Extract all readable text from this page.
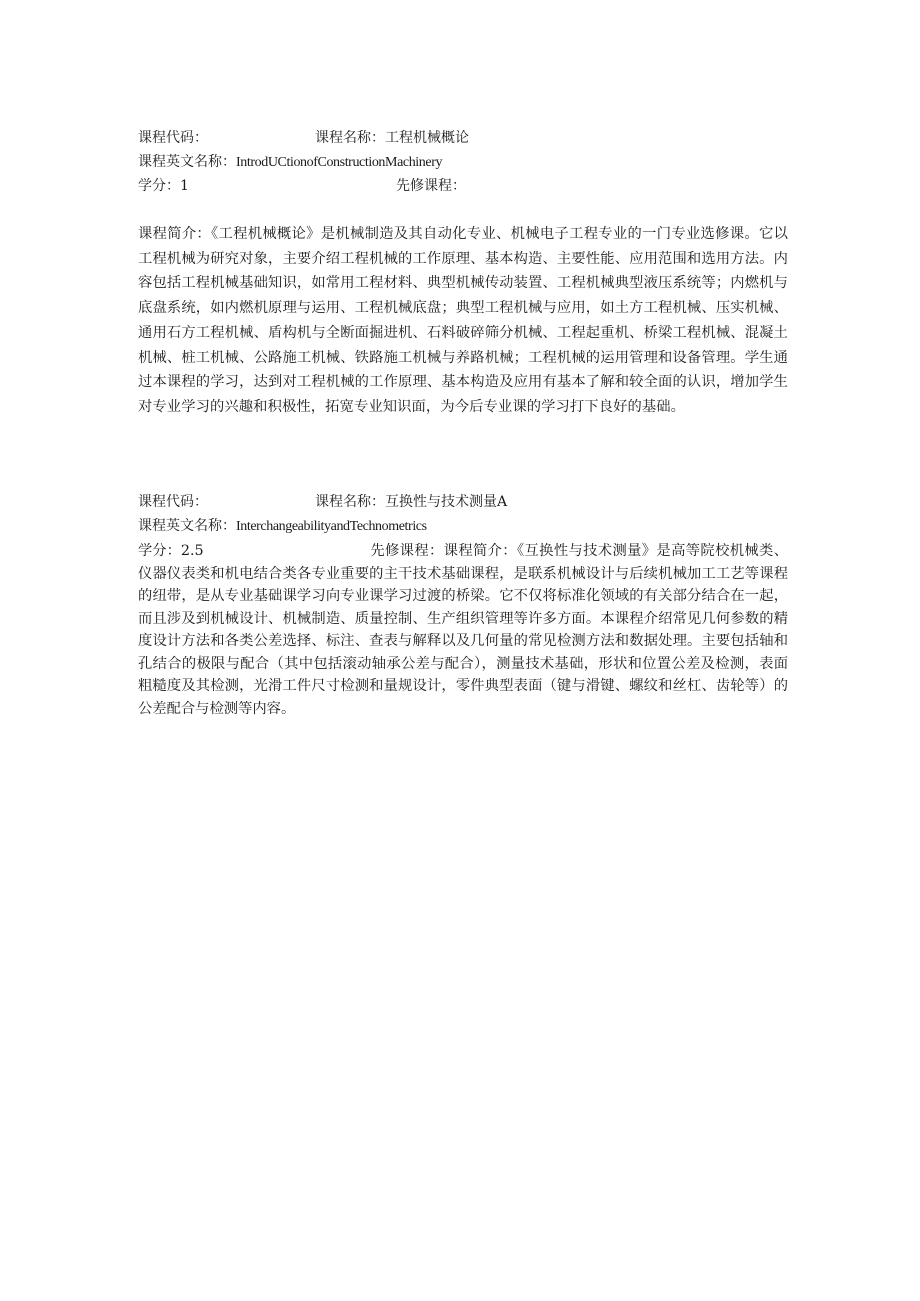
课程代码：	课程名称：工程机械概论
课程英文名称：IntrodUCtionofConstructionMachinery
学分：1	先修课程：
课程简介：《工程机械概论》是机械制造及其自动化专业、机械电子工程专业的一门专业选修课。它以工程机械为研究对象，主要介绍工程机械的工作原理、基本构造、主要性能、应用范围和选用方法。内容包括工程机械基础知识，如常用工程材料、典型机械传动装置、工程机械典型液压系统等；内燃机与底盘系统，如内燃机原理与运用、工程机械底盘；典型工程机械与应用，如土方工程机械、压实机械、通用石方工程机械、盾构机与全断面掘进机、石料破碎筛分机械、工程起重机、桥梁工程机械、混凝土机械、桩工机械、公路施工机械、铁路施工机械与养路机械；工程机械的运用管理和设备管理。学生通过本课程的学习，达到对工程机械的工作原理、基本构造及应用有基本了解和较全面的认识，增加学生对专业学习的兴趣和积极性，拓宽专业知识面，为今后专业课的学习打下良好的基础。
课程代码：	课程名称：互换性与技术测量A
课程英文名称：InterchangeabilityandTechnometrics

学分：2.5	先修课程：课程简介：《互换性与技术测量》是高等院校机械类、仪器仪表类和机电结合类各专业重要的主干技术基础课程，是联系机械设计与后续机械加工工艺等课程的纽带，是从专业基础课学习向专业课学习过渡的桥梁。它不仅将标准化领域的有关部分结合在一起，而且涉及到机械设计、机械制造、质量控制、生产组织管理等许多方面。本课程介绍常见几何参数的精度设计方法和各类公差选择、标注、查表与解释以及几何量的常见检测方法和数据处理。主要包括轴和孔结合的极限与配合（其中包括滚动轴承公差与配合），测量技术基础，形状和位置公差及检测，表面粗糙度及其检测，光滑工件尺寸检测和量规设计，零件典型表面（键与滑键、螺纹和丝杠、齿轮等）的公差配合与检测等内容。
